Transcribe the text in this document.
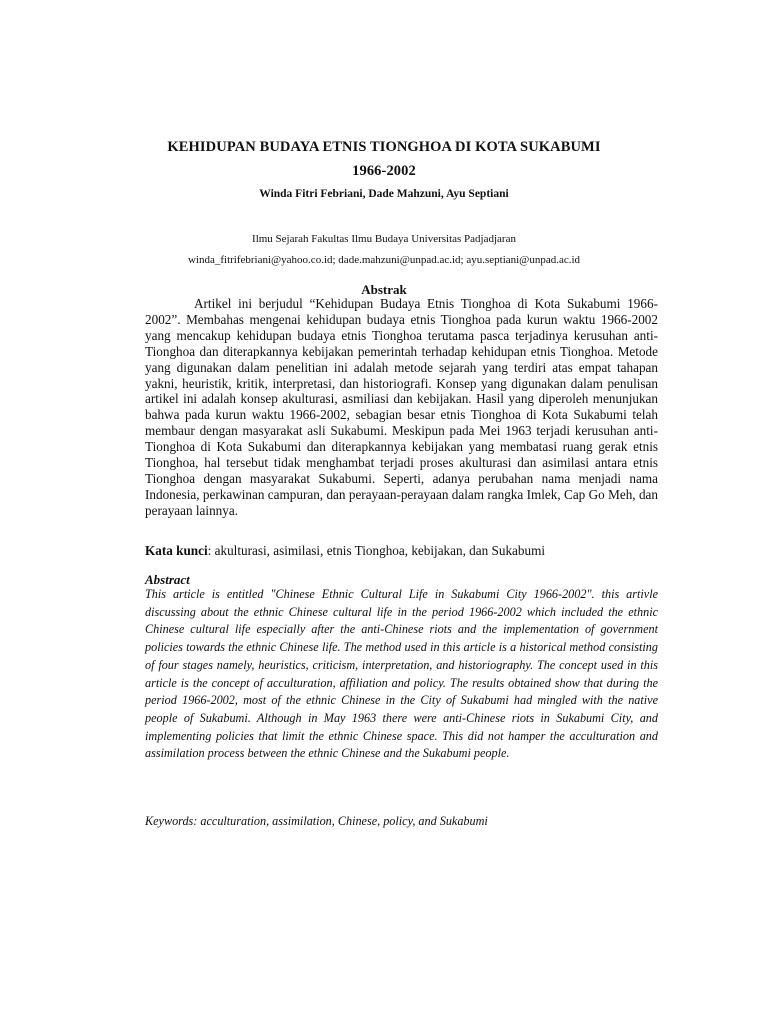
KEHIDUPAN BUDAYA ETNIS TIONGHOA DI KOTA SUKABUMI
1966-2002
Winda Fitri Febriani, Dade Mahzuni, Ayu Septiani
Ilmu Sejarah Fakultas Ilmu Budaya Universitas Padjadjaran
winda_fitrifebriani@yahoo.co.id; dade.mahzuni@unpad.ac.id; ayu.septiani@unpad.ac.id
Abstrak

Artikel ini berjudul “Kehidupan Budaya Etnis Tionghoa di Kota Sukabumi 1966-2002”. Membahas mengenai kehidupan budaya etnis Tionghoa pada kurun waktu 1966-2002 yang mencakup kehidupan budaya etnis Tionghoa terutama pasca terjadinya kerusuhan anti-Tionghoa dan diterapkannya kebijakan pemerintah terhadap kehidupan etnis Tionghoa. Metode yang digunakan dalam penelitian ini adalah metode sejarah yang terdiri atas empat tahapan yakni, heuristik, kritik, interpretasi, dan historiografi. Konsep yang digunakan dalam penulisan artikel ini adalah konsep akulturasi, asmiliasi dan kebijakan. Hasil yang diperoleh menunjukan bahwa pada kurun waktu 1966-2002, sebagian besar etnis Tionghoa di Kota Sukabumi telah membaur dengan masyarakat asli Sukabumi. Meskipun pada Mei 1963 terjadi kerusuhan anti-Tionghoa di Kota Sukabumi dan diterapkannya kebijakan yang membatasi ruang gerak etnis Tionghoa, hal tersebut tidak menghambat terjadi proses akulturasi dan asimilasi antara etnis Tionghoa dengan masyarakat Sukabumi. Seperti, adanya perubahan nama menjadi nama Indonesia, perkawinan campuran, dan perayaan-perayaan dalam rangka Imlek, Cap Go Meh, dan perayaan lainnya.

Kata kunci: akulturasi, asimilasi, etnis Tionghoa, kebijakan, dan Sukabumi
Abstract

This article is entitled "Chinese Ethnic Cultural Life in Sukabumi City 1966-2002". this artivle discussing about the ethnic Chinese cultural life in the period 1966-2002 which included the ethnic Chinese cultural life especially after the anti-Chinese riots and the implementation of government policies towards the ethnic Chinese life. The method used in this article is a historical method consisting of four stages namely, heuristics, criticism, interpretation, and historiography. The concept used in this article is the concept of acculturation, affiliation and policy. The results obtained show that during the period 1966-2002, most of the ethnic Chinese in the City of Sukabumi had mingled with the native people of Sukabumi. Although in May 1963 there were anti-Chinese riots in Sukabumi City, and implementing policies that limit the ethnic Chinese space. This did not hamper the acculturation and assimilation process between the ethnic Chinese and the Sukabumi people.

Keywords: acculturation, assimilation, Chinese, policy, and Sukabumi
